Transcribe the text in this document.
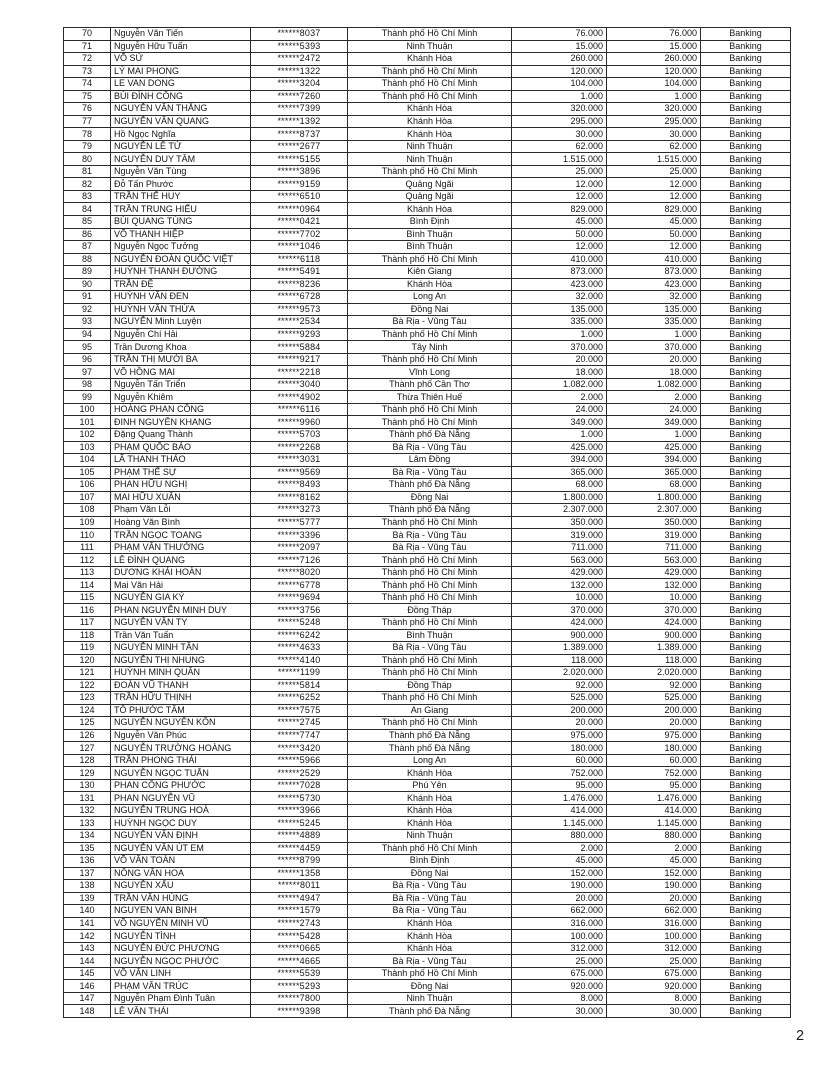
70	Nguyễn Văn Tiến	******8037	Thành phố Hồ Chí Minh	76.000	76.000	Banking
71	Nguyễn Hữu Tuấn	******5393	Ninh Thuận	15.000	15.000	Banking
72	VÕ SỬ	******2472	Khánh Hòa	260.000	260.000	Banking
73	LÝ MAI PHONG	******1322	Thành phố Hồ Chí Minh	120.000	120.000	Banking
74	LE VAN DONG	******3204	Thành phố Hồ Chí Minh	104.000	104.000	Banking
75	BÙI ĐÌNH CÔNG	******7260	Thành phố Hồ Chí Minh	1.000	1.000	Banking
76	NGUYỄN VĂN THẮNG	******7399	Khánh Hòa	320.000	320.000	Banking
77	NGUYỄN VĂN QUANG	******1392	Khánh Hòa	295.000	295.000	Banking
78	Hồ Ngọc Nghĩa	******8737	Khánh Hòa	30.000	30.000	Banking
79	NGUYỄN LÊ TỬ	******2677	Ninh Thuận	62.000	62.000	Banking
80	NGUYỄN DUY TÂM	******5155	Ninh Thuận	1.515.000	1.515.000	Banking
81	Nguyễn Văn Tùng	******3896	Thành phố Hồ Chí Minh	25.000	25.000	Banking
82	Đỗ Tấn Phước	******9159	Quảng Ngãi	12.000	12.000	Banking
83	TRẦN THẾ HUY	******6510	Quảng Ngãi	12.000	12.000	Banking
84	TRẦN TRUNG HIẾU	******0964	Khánh Hòa	829.000	829.000	Banking
85	BÙI QUANG TÙNG	******0421	Bình Định	45.000	45.000	Banking
86	VÕ THANH HIỆP	******7702	Bình Thuận	50.000	50.000	Banking
87	Nguyễn Ngọc Tưởng	******1046	Bình Thuận	12.000	12.000	Banking
88	NGUYỄN ĐOÀN QUỐC VIỆT	******6118	Thành phố Hồ Chí Minh	410.000	410.000	Banking
89	HUỲNH THANH ĐƯỜNG	******5491	Kiên Giang	873.000	873.000	Banking
90	TRẦN ĐỆ	******8236	Khánh Hòa	423.000	423.000	Banking
91	HUỲNH VĂN ĐEN	******6728	Long An	32.000	32.000	Banking
92	HUỲNH VĂN THỪA	******9573	Đồng Nai	135.000	135.000	Banking
93	NGUYỄN Minh Luyện	******2534	Bà Rịa - Vũng Tàu	335.000	335.000	Banking
94	Nguyễn Chí Hải	******9293	Thành phố Hồ Chí Minh	1.000	1.000	Banking
95	Trần Dương Khoa	******5884	Tây Ninh	370.000	370.000	Banking
96	TRẦN THỊ MƯỜI BA	******9217	Thành phố Hồ Chí Minh	20.000	20.000	Banking
97	VÕ HỒNG MAI	******2218	Vĩnh Long	18.000	18.000	Banking
98	Nguyễn Tấn Triển	******3040	Thành phố Cần Thơ	1.082.000	1.082.000	Banking
99	Nguyễn Khiêm	******4902	Thừa Thiên Huế	2.000	2.000	Banking
100	HOÀNG PHAN CÔNG	******6116	Thành phố Hồ Chí Minh	24.000	24.000	Banking
101	ĐINH NGUYÊN KHANG	******9960	Thành phố Hồ Chí Minh	349.000	349.000	Banking
102	Đặng Quang Thành	******5703	Thành phố Đà Nẵng	1.000	1.000	Banking
103	PHẠM QUỐC BẢO	******2268	Bà Rịa - Vũng Tàu	425.000	425.000	Banking
104	LÃ THANH THẢO	******3031	Lâm Đồng	394.000	394.000	Banking
105	PHẠM THẾ SỰ	******9569	Bà Rịa - Vũng Tàu	365.000	365.000	Banking
106	PHAN HỮU NGHỊ	******8493	Thành phố Đà Nẵng	68.000	68.000	Banking
107	MAI HỮU XUÂN	******8162	Đồng Nai	1.800.000	1.800.000	Banking
108	Phạm Văn Lỗi	******3273	Thành phố Đà Nẵng	2.307.000	2.307.000	Banking
109	Hoàng Văn Bình	******5777	Thành phố Hồ Chí Minh	350.000	350.000	Banking
110	TRẦN NGỌC TOANG	******3396	Bà Rịa - Vũng Tàu	319.000	319.000	Banking
111	PHẠM VĂN THƯỞNG	******2097	Bà Rịa - Vũng Tàu	711.000	711.000	Banking
112	LÊ ĐÌNH QUANG	******7126	Thành phố Hồ Chí Minh	563.000	563.000	Banking
113	DƯƠNG KHẢI HOÀN	******8020	Thành phố Hồ Chí Minh	429.000	429.000	Banking
114	Mai Văn Hải	******6778	Thành phố Hồ Chí Minh	132.000	132.000	Banking
115	NGUYỄN GIA KÝ	******9694	Thành phố Hồ Chí Minh	10.000	10.000	Banking
116	PHAN NGUYỄN MINH DUY	******3756	Đồng Tháp	370.000	370.000	Banking
117	NGUYỄN VĂN TY	******5248	Thành phố Hồ Chí Minh	424.000	424.000	Banking
118	Trần Văn Tuấn	******6242	Bình Thuận	900.000	900.000	Banking
119	NGUYỄN MINH TÂN	******4633	Bà Rịa - Vũng Tàu	1.389.000	1.389.000	Banking
120	NGUYỄN THỊ NHUNG	******4140	Thành phố Hồ Chí Minh	118.000	118.000	Banking
121	HUỲNH MINH QUÂN	******1199	Thành phố Hồ Chí Minh	2.020.000	2.020.000	Banking
122	ĐOÀN VŨ THANH	******5814	Đồng Tháp	92.000	92.000	Banking
123	TRẦN HỮU THỊNH	******6252	Thành phố Hồ Chí Minh	525.000	525.000	Banking
124	TÔ PHƯỚC TÂM	******7575	An Giang	200.000	200.000	Banking
125	NGUYỄN NGUYÊN KÔN	******2745	Thành phố Hồ Chí Minh	20.000	20.000	Banking
126	Nguyễn Văn Phúc	******7747	Thành phố Đà Nẵng	975.000	975.000	Banking
127	NGUYỄN TRƯỜNG HOÀNG	******3420	Thành phố Đà Nẵng	180.000	180.000	Banking
128	TRẦN PHONG THÁI	******5966	Long An	60.000	60.000	Banking
129	NGUYỄN NGỌC TUẤN	******2529	Khánh Hòa	752.000	752.000	Banking
130	PHAN CÔNG PHƯỚC	******7028	Phú Yên	95.000	95.000	Banking
131	PHAN NGUYỄN VŨ	******5730	Khánh Hòa	1.476.000	1.476.000	Banking
132	NGUYỄN TRUNG HOÀ	******3966	Khánh Hòa	414.000	414.000	Banking
133	HUỲNH NGỌC DUY	******5245	Khánh Hòa	1.145.000	1.145.000	Banking
134	NGUYỄN VĂN ĐỊNH	******4889	Ninh Thuận	880.000	880.000	Banking
135	NGUYỄN VĂN ÚT EM	******4459	Thành phố Hồ Chí Minh	2.000	2.000	Banking
136	VÕ VĂN TOÀN	******8799	Bình Định	45.000	45.000	Banking
137	NÔNG VĂN HOA	******1358	Đồng Nai	152.000	152.000	Banking
138	NGUYỄN XẤU	******8011	Bà Rịa - Vũng Tàu	190.000	190.000	Banking
139	TRẦN VĂN HÙNG	******4947	Bà Rịa - Vũng Tàu	20.000	20.000	Banking
140	NGUYEN VAN BINH	******1579	Bà Rịa - Vũng Tàu	662.000	662.000	Banking
141	VÕ NGUYỄN MINH VŨ	******2743	Khánh Hòa	316.000	316.000	Banking
142	NGUYỄN TÌNH	******5428	Khánh Hòa	100.000	100.000	Banking
143	NGUYỄN ĐỨC PHƯƠNG	******0665	Khánh Hòa	312.000	312.000	Banking
144	NGUYỄN NGỌC PHƯỚC	******4665	Bà Rịa - Vũng Tàu	25.000	25.000	Banking
145	VÕ VĂN LINH	******5539	Thành phố Hồ Chí Minh	675.000	675.000	Banking
146	PHẠM VĂN TRÚC	******5293	Đồng Nai	920.000	920.000	Banking
147	Nguyễn Phạm Đình Tuân	******7800	Ninh Thuận	8.000	8.000	Banking
148	LÊ VĂN THÁI	******9398	Thành phố Đà Nẵng	30.000	30.000	Banking
2
